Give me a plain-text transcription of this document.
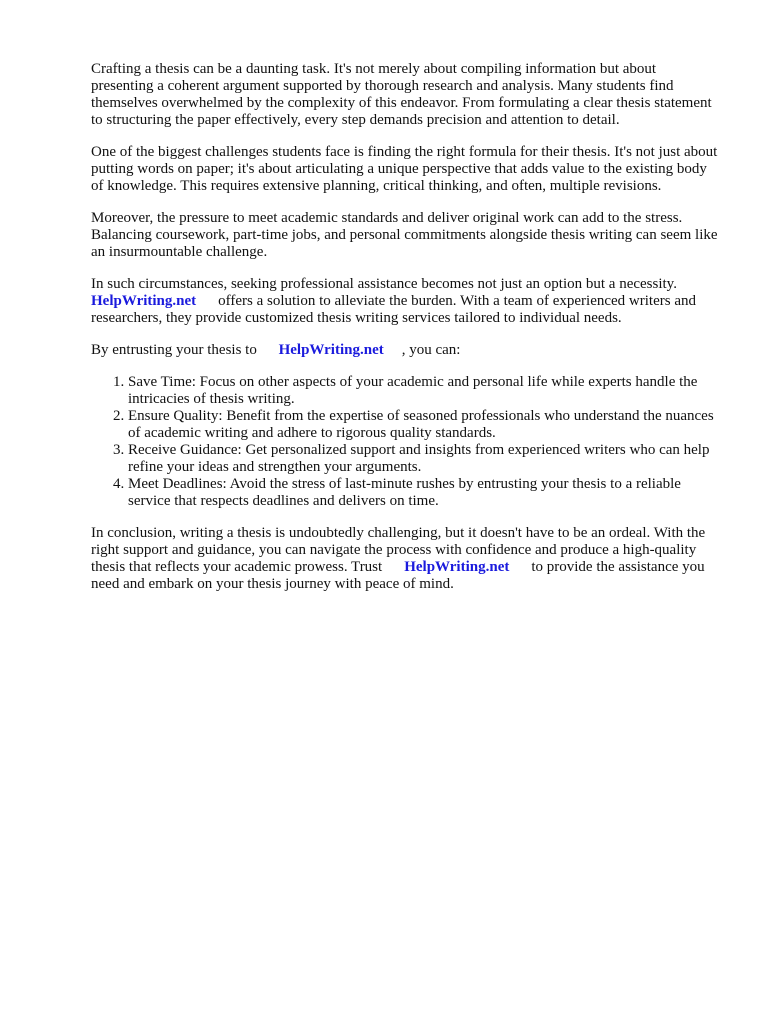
Crafting a thesis can be a daunting task. It's not merely about compiling information but about presenting a coherent argument supported by thorough research and analysis. Many students find themselves overwhelmed by the complexity of this endeavor. From formulating a clear thesis statement to structuring the paper effectively, every step demands precision and attention to detail.

One of the biggest challenges students face is finding the right formula for their thesis. It's not just about putting words on paper; it's about articulating a unique perspective that adds value to the existing body of knowledge. This requires extensive planning, critical thinking, and often, multiple revisions.

Moreover, the pressure to meet academic standards and deliver original work can add to the stress. Balancing coursework, part-time jobs, and personal commitments alongside thesis writing can seem like an insurmountable challenge.

In such circumstances, seeking professional assistance becomes not just an option but a necessity. HelpWriting.net offers a solution to alleviate the burden. With a team of experienced writers and researchers, they provide customized thesis writing services tailored to individual needs.

By entrusting your thesis to HelpWriting.net , you can:

1. Save Time: Focus on other aspects of your academic and personal life while experts handle the intricacies of thesis writing.
2. Ensure Quality: Benefit from the expertise of seasoned professionals who understand the nuances of academic writing and adhere to rigorous quality standards.
3. Receive Guidance: Get personalized support and insights from experienced writers who can help refine your ideas and strengthen your arguments.
4. Meet Deadlines: Avoid the stress of last-minute rushes by entrusting your thesis to a reliable service that respects deadlines and delivers on time.

In conclusion, writing a thesis is undoubtedly challenging, but it doesn't have to be an ordeal. With the right support and guidance, you can navigate the process with confidence and produce a high-quality thesis that reflects your academic prowess. Trust HelpWriting.net to provide the assistance you need and embark on your thesis journey with peace of mind.
